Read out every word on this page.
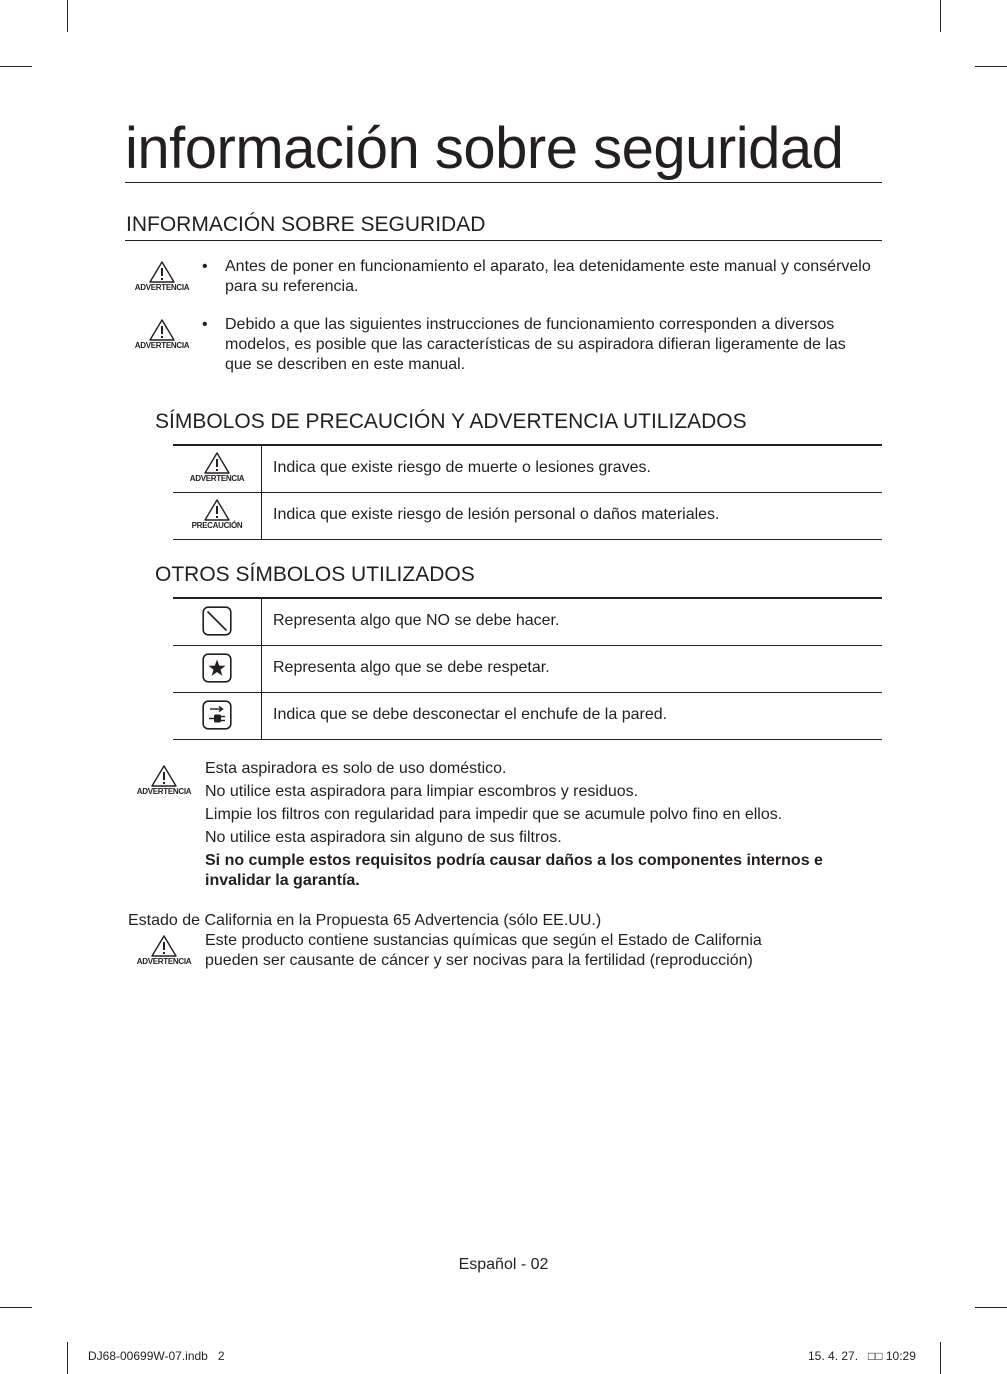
información sobre seguridad
INFORMACIÓN SOBRE SEGURIDAD
ADVERTENCIA
• Antes de poner en funcionamiento el aparato, lea detenidamente este manual y consérvelo para su referencia.
ADVERTENCIA
• Debido a que las siguientes instrucciones de funcionamiento corresponden a diversos modelos, es posible que las características de su aspiradora difieran ligeramente de las que se describen en este manual.
SÍMBOLOS DE PRECAUCIÓN Y ADVERTENCIA UTILIZADOS
ADVERTENCIA
Indica que existe riesgo de muerte o lesiones graves.
PRECAUCIÓN
Indica que existe riesgo de lesión personal o daños materiales.
OTROS SÍMBOLOS UTILIZADOS
Representa algo que NO se debe hacer.
Representa algo que se debe respetar.
Indica que se debe desconectar el enchufe de la pared.
ADVERTENCIA
Esta aspiradora es solo de uso doméstico.
No utilice esta aspiradora para limpiar escombros y residuos.
Limpie los filtros con regularidad para impedir que se acumule polvo fino en ellos.
No utilice esta aspiradora sin alguno de sus filtros.
Si no cumple estos requisitos podría causar daños a los componentes internos e invalidar la garantía.
Estado de California en la Propuesta 65 Advertencia (sólo EE.UU.)
ADVERTENCIA
Este producto contiene sustancias químicas que según el Estado de California pueden ser causante de cáncer y ser nocivas para la fertilidad (reproducción)
Español - 02
DJ68-00699W-07.indb   2	15. 4. 27.   □□ 10:29
